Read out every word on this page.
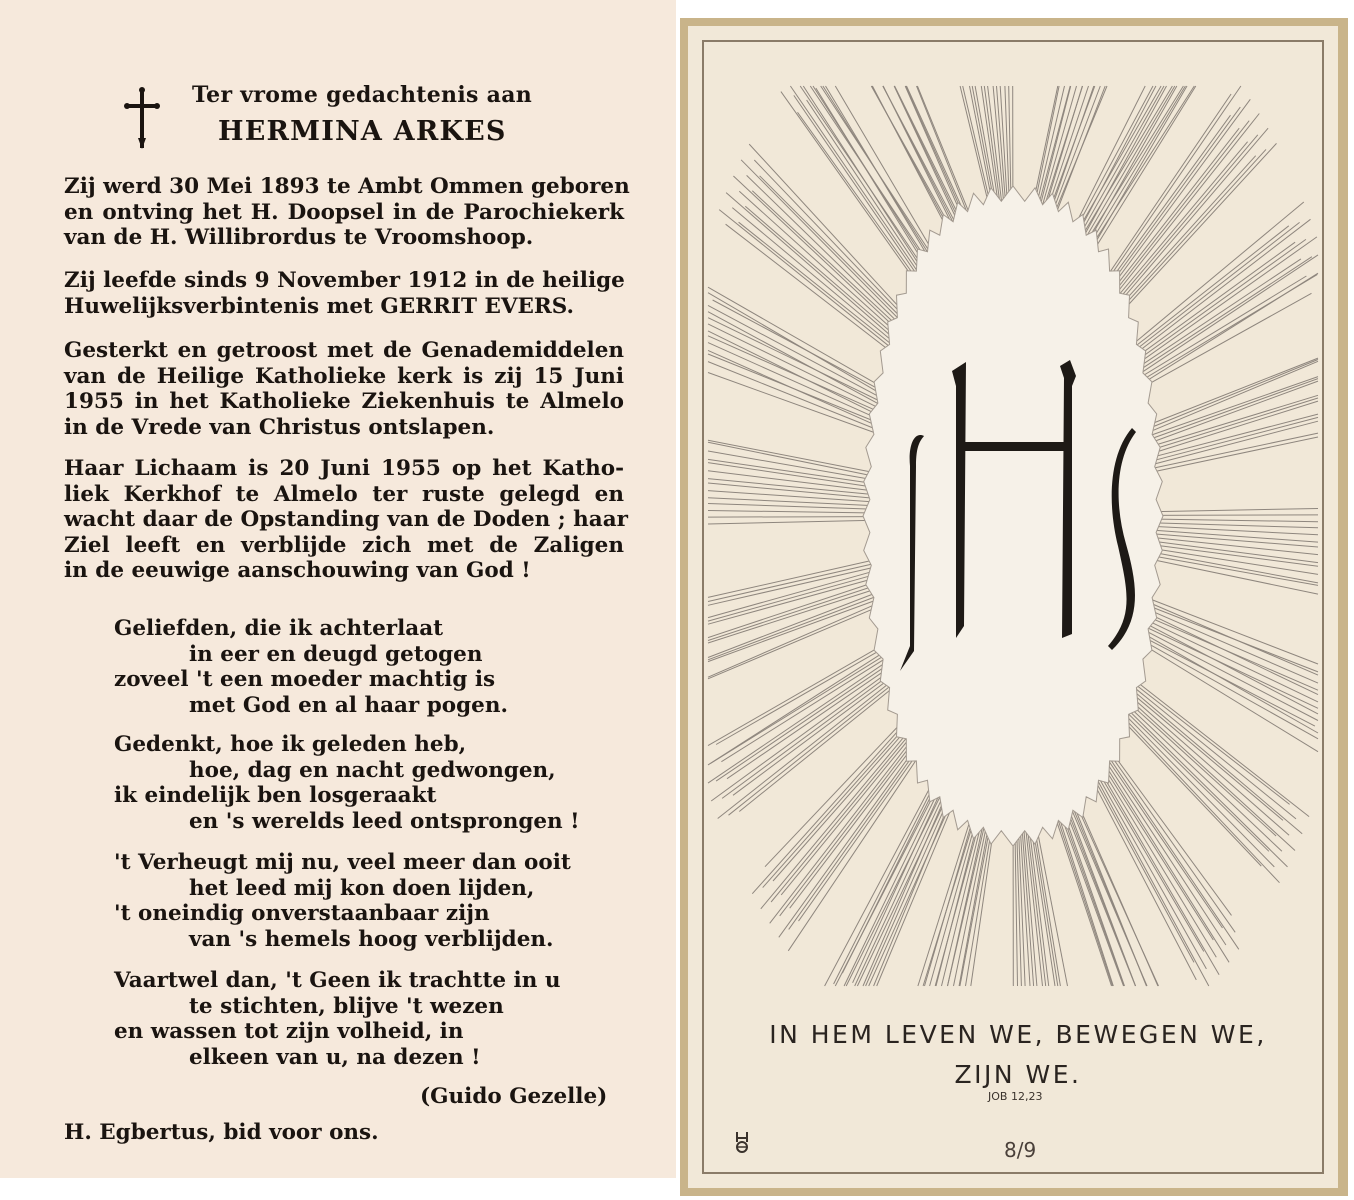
Ter vrome gedachtenis aan
HERMINA ARKES
Zij werd 30 Mei 1893 te Ambt Ommen geboren
en ontving het H. Doopsel in de Parochiekerk
van de H. Willibrordus te Vroomshoop.
Zij leefde sinds 9 November 1912 in de heilige
Huwelijksverbintenis met GERRIT EVERS.
Gesterkt en getroost met de Genademiddelen
van de Heilige Katholieke kerk is zij 15 Juni
1955 in het Katholieke Ziekenhuis te Almelo
in de Vrede van Christus ontslapen.
Haar Lichaam is 20 Juni 1955 op het Katho-
liek Kerkhof te Almelo ter ruste gelegd en
wacht daar de Opstanding van de Doden ; haar
Ziel leeft en verblijde zich met de Zaligen
in de eeuwige aanschouwing van God !
Geliefden, die ik achterlaat
in eer en deugd getogen
zoveel 't een moeder machtig is
met God en al haar pogen.
Gedenkt, hoe ik geleden heb,
hoe, dag en nacht gedwongen,
ik eindelijk ben losgeraakt
en 's werelds leed ontsprongen !
't Verheugt mij nu, veel meer dan ooit
het leed mij kon doen lijden,
't oneindig onverstaanbaar zijn
van 's hemels hoog verblijden.
Vaartwel dan, 't Geen ik trachtte in u
te stichten, blijve 't wezen
en wassen tot zijn volheid, in
elkeen van u, na dezen !
(Guido Gezelle)
H. Egbertus, bid voor ons.
IN HEM LEVEN WE, BEWEGEN WE,
ZIJN WE.
JOB 12,23
8/9
